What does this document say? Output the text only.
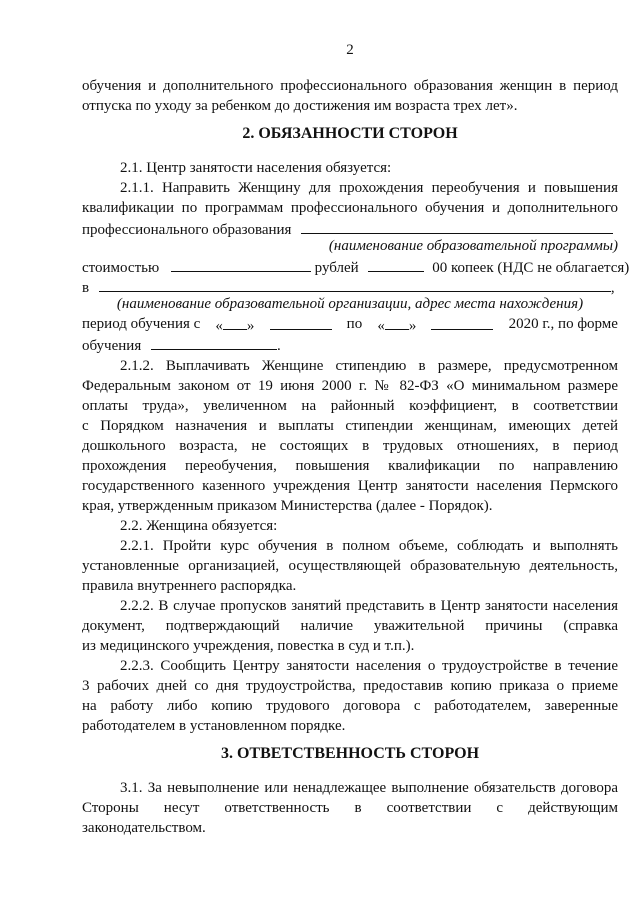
2
обучения и дополнительного профессионального образования женщин в период
отпуска по уходу за ребенком до достижения им возраста трех лет».
2. ОБЯЗАННОСТИ СТОРОН
2.1. Центр занятости населения обязуется:
2.1.1. Направить Женщину для прохождения переобучения и повышения
квалификации по программам профессионального обучения и дополнительного
профессионального образования
(наименование образовательной программы)
стоимостью	рублей	00 копеек (НДС не облагается)
в	,
(наименование образовательной организации, адрес места нахождения)
период обучения с « »	по « »	2020 г., по форме
обучения	.
2.1.2. Выплачивать Женщине стипендию в размере, предусмотренном
Федеральным законом от 19 июня 2000 г. № 82-ФЗ «О минимальном размере
оплаты труда», увеличенном на районный коэффициент, в соответствии
с Порядком назначения и выплаты стипендии женщинам, имеющих детей
дошкольного возраста, не состоящих в трудовых отношениях, в период
прохождения переобучения, повышения квалификации по направлению
государственного казенного учреждения Центр занятости населения Пермского
края, утвержденным приказом Министерства (далее - Порядок).
2.2. Женщина обязуется:
2.2.1. Пройти курс обучения в полном объеме, соблюдать и выполнять
установленные организацией, осуществляющей образовательную деятельность,
правила внутреннего распорядка.
2.2.2. В случае пропусков занятий представить в Центр занятости населения
документ, подтверждающий наличие уважительной причины (справка
из медицинского учреждения, повестка в суд и т.п.).
2.2.3. Сообщить Центру занятости населения о трудоустройстве в течение
3 рабочих дней со дня трудоустройства, предоставив копию приказа о приеме
на работу либо копию трудового договора с работодателем, заверенные
работодателем в установленном порядке.
3. ОТВЕТСТВЕННОСТЬ СТОРОН
3.1. За невыполнение или ненадлежащее выполнение обязательств договора
Стороны несут ответственность в соответствии с действующим
законодательством.
